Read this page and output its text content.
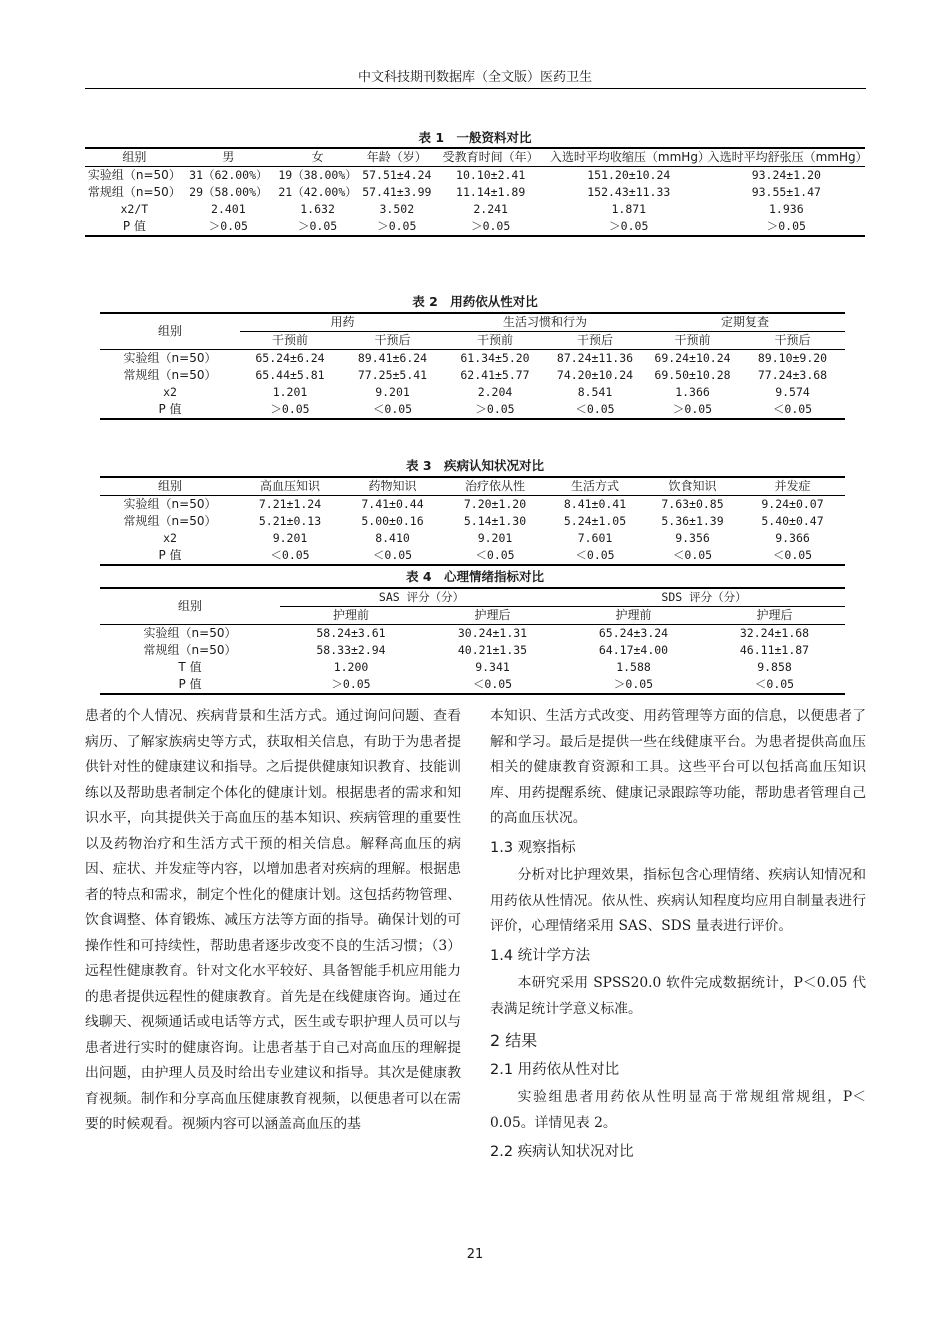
中文科技期刊数据库（全文版）医药卫生
表 1　一般资料对比
组别	男	女	年龄（岁）	受教育时间（年）	入选时平均收缩压（mmHg）	入选时平均舒张压（mmHg）
实验组（n=50）	31（62.00%）	19（38.00%）	57.51±4.24	10.10±2.41	151.20±10.24	93.24±1.20
常规组（n=50）	29（58.00%）	21（42.00%）	57.41±3.99	11.14±1.89	152.43±11.33	93.55±1.47
x2/T	2.401	1.632	3.502	2.241	1.871	1.936
P 值	＞0.05	＞0.05	＞0.05	＞0.05	＞0.05	＞0.05
表 2　用药依从性对比
组别	用药		生活习惯和行为		定期复查	
	干预前	干预后	干预前	干预后	干预前	干预后
实验组（n=50）	65.24±6.24	89.41±6.24	61.34±5.20	87.24±11.36	69.24±10.24	89.10±9.20
常规组（n=50）	65.44±5.81	77.25±5.41	62.41±5.77	74.20±10.24	69.50±10.28	77.24±3.68
x2	1.201	9.201	2.204	8.541	1.366	9.574
P 值	＞0.05	＜0.05	＞0.05	＜0.05	＞0.05	＜0.05
表 3　疾病认知状况对比
组别	高血压知识	药物知识	治疗依从性	生活方式	饮食知识	并发症
实验组（n=50）	7.21±1.24	7.41±0.44	7.20±1.20	8.41±0.41	7.63±0.85	9.24±0.07
常规组（n=50）	5.21±0.13	5.00±0.16	5.14±1.30	5.24±1.05	5.36±1.39	5.40±0.47
x2	9.201	8.410	9.201	7.601	9.356	9.366
P 值	＜0.05	＜0.05	＜0.05	＜0.05	＜0.05	＜0.05
表 4　心理情绪指标对比
组别	SAS 评分（分）		SDS 评分（分）	
	护理前	护理后	护理前	护理后
实验组（n=50）	58.24±3.61	30.24±1.31	65.24±3.24	32.24±1.68
常规组（n=50）	58.33±2.94	40.21±1.35	64.17±4.00	46.11±1.87
T 值	1.200	9.341	1.588	9.858
P 值	＞0.05	＜0.05	＞0.05	＜0.05

患者的个人情况、疾病背景和生活方式。通过询问问题、查看病历、了解家族病史等方式，获取相关信息，有助于为患者提供针对性的健康建议和指导。之后提供健康知识教育、技能训练以及帮助患者制定个体化的健康计划。根据患者的需求和知识水平，向其提供关于高血压的基本知识、疾病管理的重要性以及药物治疗和生活方式干预的相关信息。解释高血压的病因、症状、并发症等内容，以增加患者对疾病的理解。根据患者的特点和需求，制定个性化的健康计划。这包括药物管理、饮食调整、体育锻炼、减压方法等方面的指导。确保计划的可操作性和可持续性，帮助患者逐步改变不良的生活习惯；（3）远程性健康教育。针对文化水平较好、具备智能手机应用能力的患者提供远程性的健康教育。首先是在线健康咨询。通过在线聊天、视频通话或电话等方式，医生或专职护理人员可以与患者进行实时的健康咨询。让患者基于自己对高血压的理解提出问题，由护理人员及时给出专业建议和指导。其次是健康教育视频。制作和分享高血压健康教育视频，以便患者可以在需要的时候观看。视频内容可以涵盖高血压的基

本知识、生活方式改变、用药管理等方面的信息，以便患者了解和学习。最后是提供一些在线健康平台。为患者提供高血压相关的健康教育资源和工具。这些平台可以包括高血压知识库、用药提醒系统、健康记录跟踪等功能，帮助患者管理自己的高血压状况。

1.3 观察指标

分析对比护理效果，指标包含心理情绪、疾病认知情况和用药依从性情况。依从性、疾病认知程度均应用自制量表进行评价，心理情绪采用 SAS、SDS 量表进行评价。

1.4 统计学方法

本研究采用 SPSS20.0 软件完成数据统计，P＜0.05 代表满足统计学意义标准。

2 结果
2.1 用药依从性对比

实验组患者用药依从性明显高于常规组常规组，P＜0.05。详情见表 2。

2.2 疾病认知状况对比
21
